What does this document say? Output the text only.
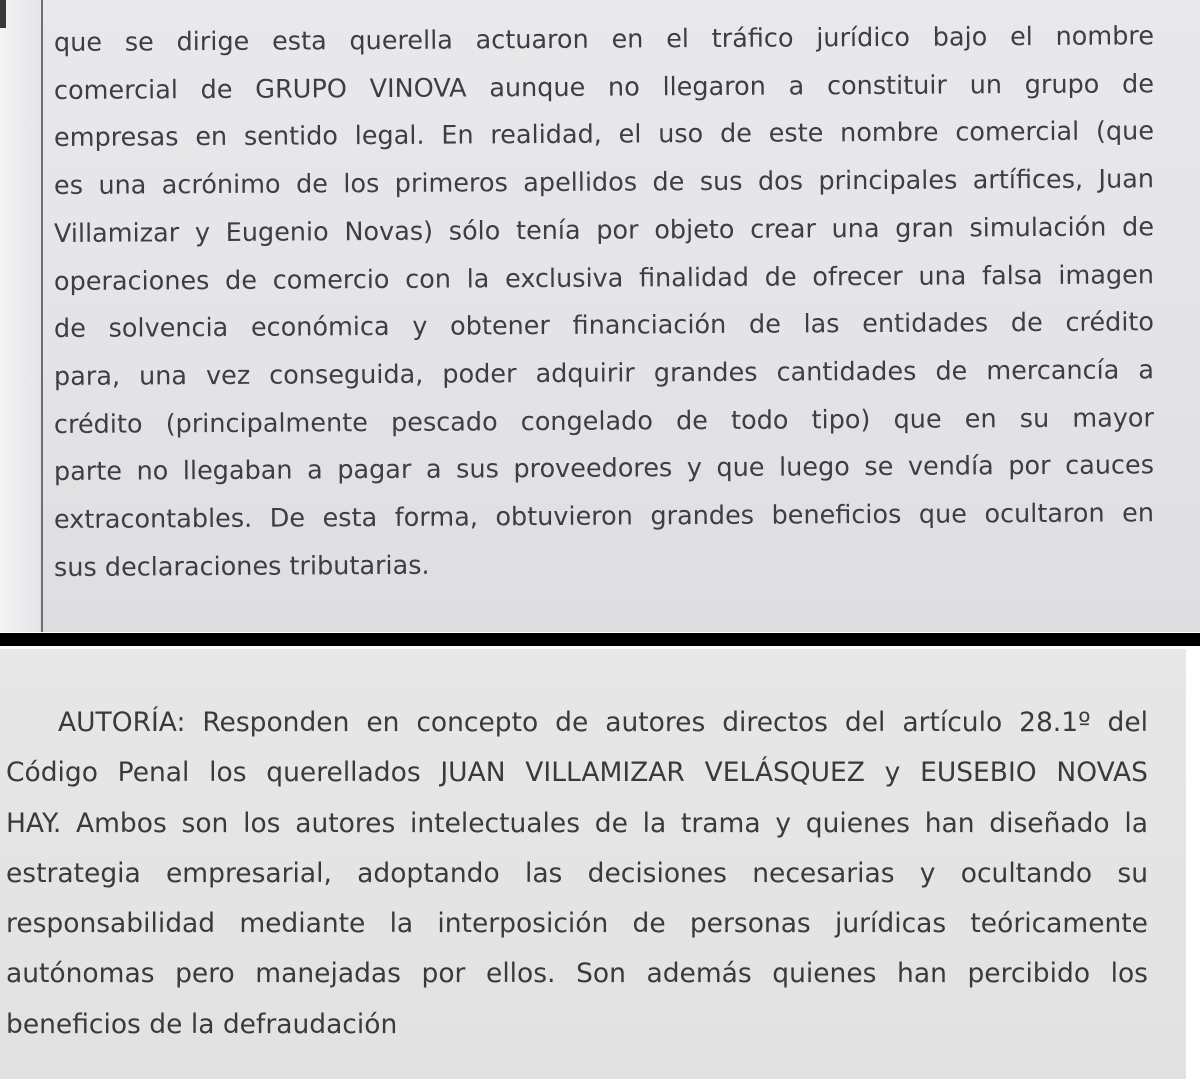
que se dirige esta querella actuaron en el tráfico jurídico bajo el nombre
comercial de GRUPO VINOVA aunque no llegaron a constituir un grupo de
empresas en sentido legal. En realidad, el uso de este nombre comercial (que
es una acrónimo de los primeros apellidos de sus dos principales artífices, Juan
Villamizar y Eugenio Novas) sólo tenía por objeto crear una gran simulación de
operaciones de comercio con la exclusiva finalidad de ofrecer una falsa imagen
de solvencia económica y obtener financiación de las entidades de crédito
para, una vez conseguida, poder adquirir grandes cantidades de mercancía a
crédito (principalmente pescado congelado de todo tipo) que en su mayor
parte no llegaban a pagar a sus proveedores y que luego se vendía por cauces
extracontables. De esta forma, obtuvieron grandes beneficios que ocultaron en
sus declaraciones tributarias.
AUTORÍA: Responden en concepto de autores directos del artículo 28.1º del
Código Penal los querellados JUAN VILLAMIZAR VELÁSQUEZ y EUSEBIO NOVAS
HAY. Ambos son los autores intelectuales de la trama y quienes han diseñado la
estrategia empresarial, adoptando las decisiones necesarias y ocultando su
responsabilidad mediante la interposición de personas jurídicas teóricamente
autónomas pero manejadas por ellos. Son además quienes han percibido los
beneficios de la defraudación
